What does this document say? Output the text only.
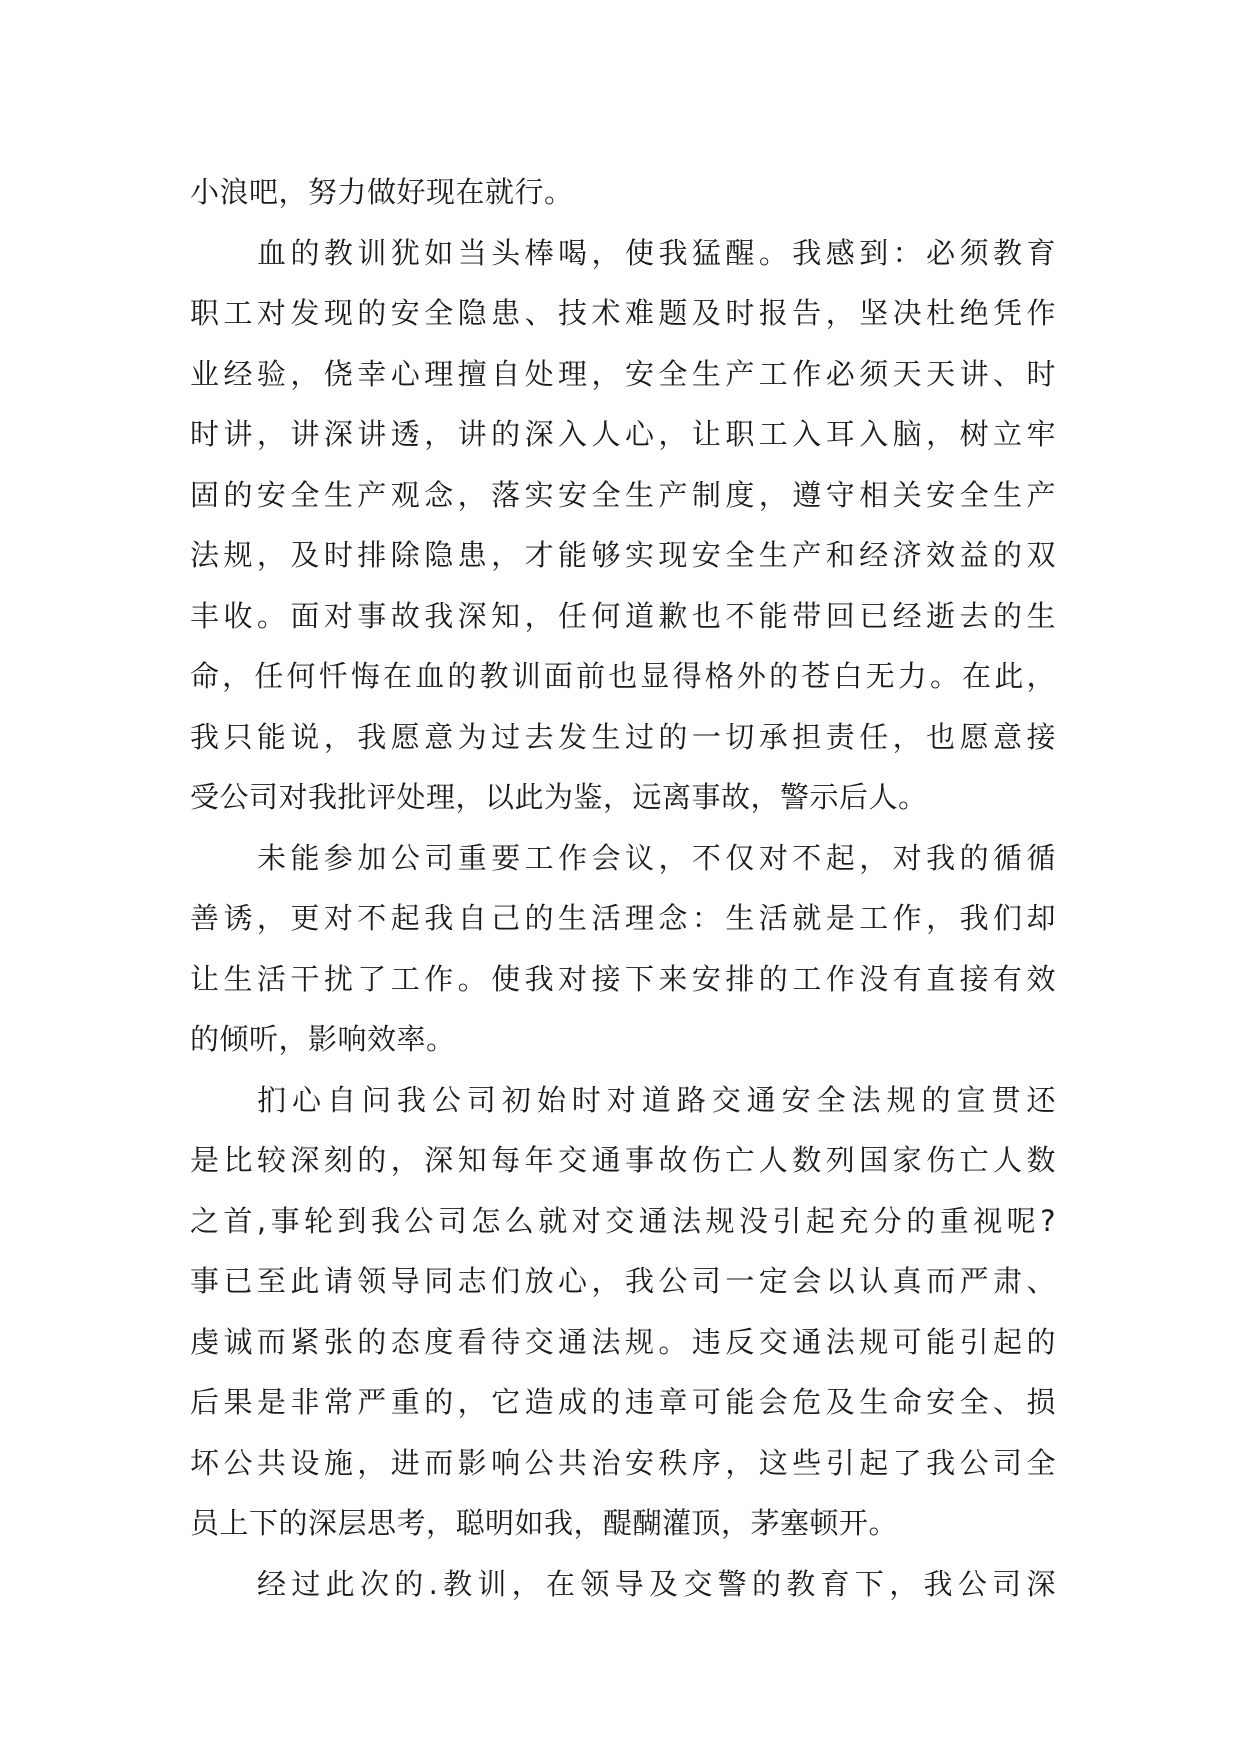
小浪吧，努力做好现在就行。
血的教训犹如当头棒喝，使我猛醒。我感到：必须教育
职工对发现的安全隐患、技术难题及时报告，坚决杜绝凭作
业经验，侥幸心理擅自处理，安全生产工作必须天天讲、时
时讲，讲深讲透，讲的深入人心，让职工入耳入脑，树立牢
固的安全生产观念，落实安全生产制度，遵守相关安全生产
法规，及时排除隐患，才能够实现安全生产和经济效益的双
丰收。面对事故我深知，任何道歉也不能带回已经逝去的生
命，任何忏悔在血的教训面前也显得格外的苍白无力。在此，
我只能说，我愿意为过去发生过的一切承担责任，也愿意接
受公司对我批评处理，以此为鉴，远离事故，警示后人。
未能参加公司重要工作会议，不仅对不起，对我的循循
善诱，更对不起我自己的生活理念：生活就是工作，我们却
让生活干扰了工作。使我对接下来安排的工作没有直接有效
的倾听，影响效率。
扪心自问我公司初始时对道路交通安全法规的宣贯还
是比较深刻的，深知每年交通事故伤亡人数列国家伤亡人数
之首,事轮到我公司怎么就对交通法规没引起充分的重视呢?
事已至此请领导同志们放心，我公司一定会以认真而严肃、
虔诚而紧张的态度看待交通法规。违反交通法规可能引起的
后果是非常严重的，它造成的违章可能会危及生命安全、损
坏公共设施，进而影响公共治安秩序，这些引起了我公司全
员上下的深层思考，聪明如我，醍醐灌顶，茅塞顿开。
经过此次的.教训，在领导及交警的教育下，我公司深
